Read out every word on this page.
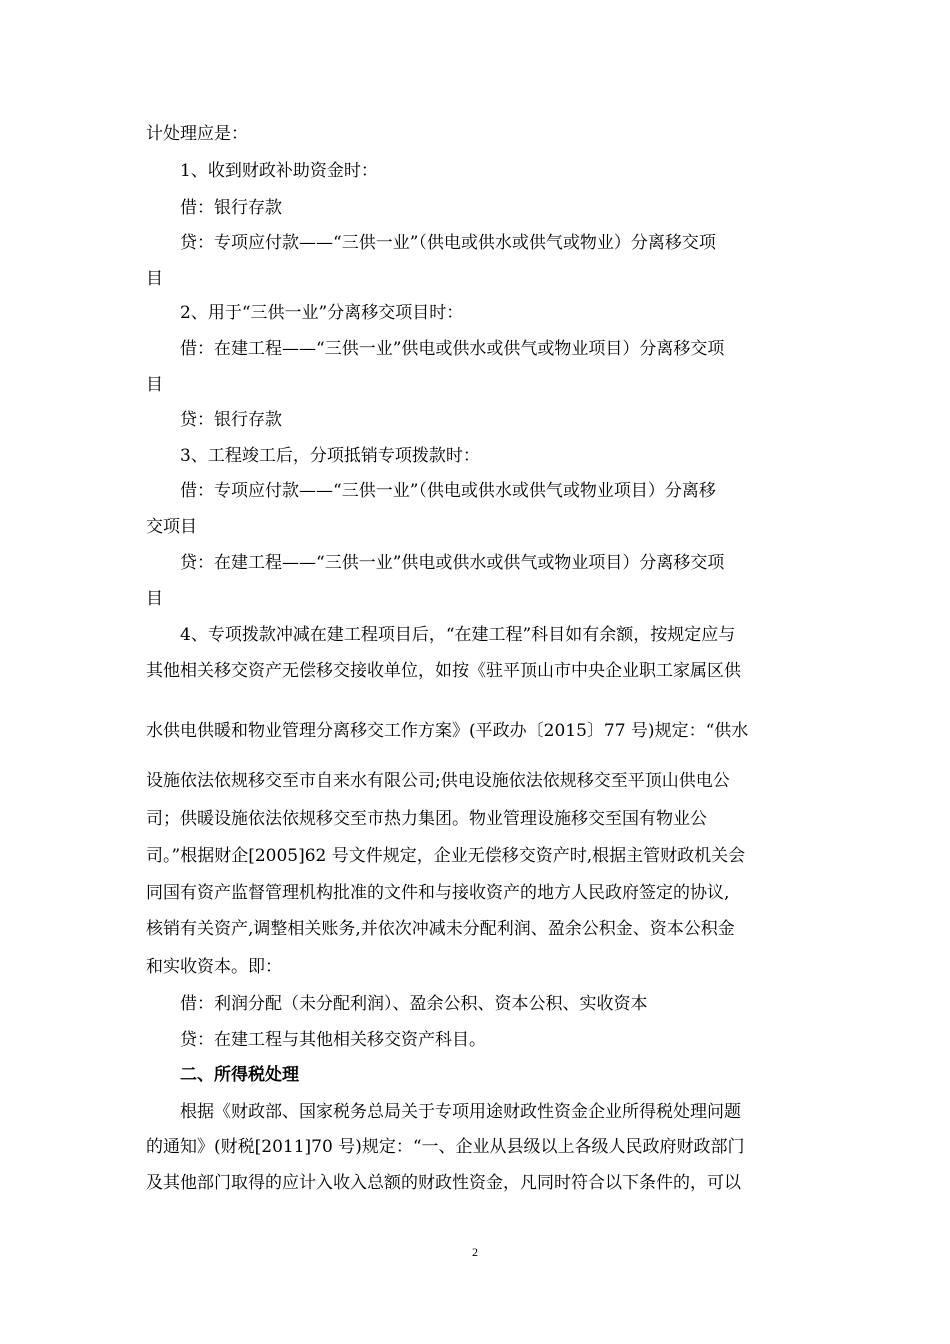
计处理应是：
1、收到财政补助资金时：
借：银行存款
贷：专项应付款——“三供一业”（供电或供水或供气或物业）分离移交项
目
2、用于“三供一业”分离移交项目时：
借：在建工程——“三供一业”供电或供水或供气或物业项目）分离移交项
目
贷：银行存款
3、工程竣工后，分项抵销专项拨款时：
借：专项应付款——“三供一业”（供电或供水或供气或物业项目）分离移
交项目
贷：在建工程——“三供一业”供电或供水或供气或物业项目）分离移交项
目
4、专项拨款冲减在建工程项目后，“在建工程”科目如有余额，按规定应与
其他相关移交资产无偿移交接收单位，如按《驻平顶山市中央企业职工家属区供
水供电供暖和物业管理分离移交工作方案》(平政办〔2015〕77 号)规定：“供水
设施依法依规移交至市自来水有限公司;供电设施依法依规移交至平顶山供电公
司；供暖设施依法依规移交至市热力集团。物业管理设施移交至国有物业公
司。”根据财企[2005]62 号文件规定，企业无偿移交资产时,根据主管财政机关会
同国有资产监督管理机构批准的文件和与接收资产的地方人民政府签定的协议,
核销有关资产,调整相关账务,并依次冲减未分配利润、盈余公积金、资本公积金
和实收资本。即：
借：利润分配（未分配利润）、盈余公积、资本公积、实收资本
贷：在建工程与其他相关移交资产科目。
二、所得税处理
根据《财政部、国家税务总局关于专项用途财政性资金企业所得税处理问题
的通知》(财税[2011]70 号)规定：“一、企业从县级以上各级人民政府财政部门
及其他部门取得的应计入收入总额的财政性资金，凡同时符合以下条件的，可以
2
